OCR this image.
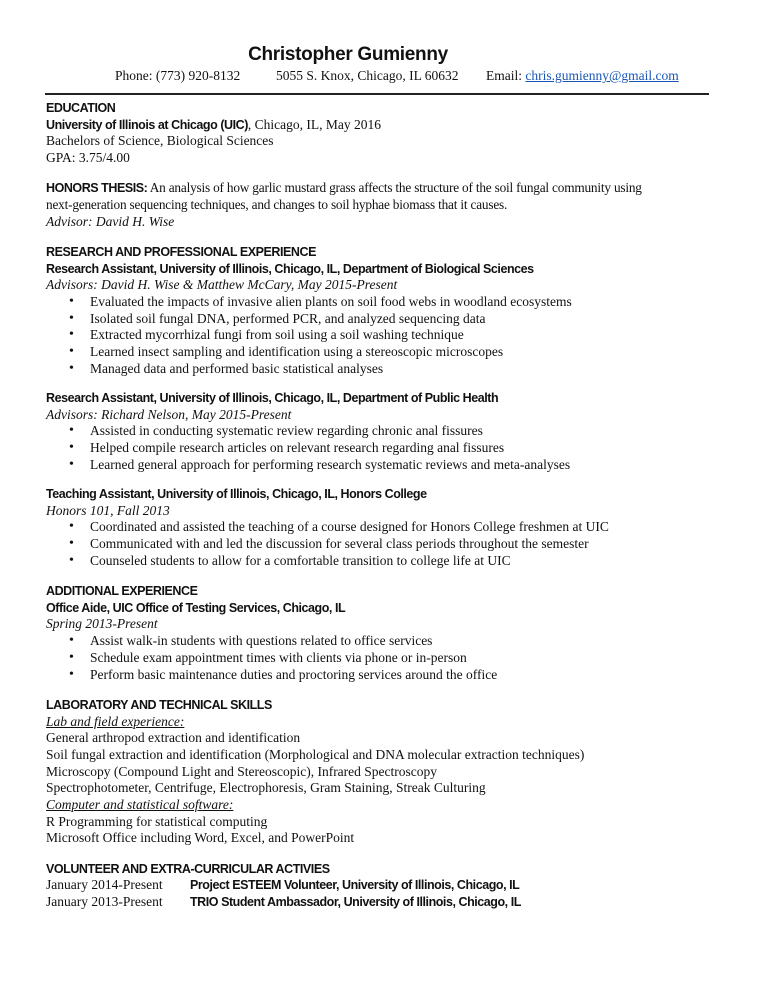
Christopher Gumienny
Phone: (773) 920-8132	5055 S. Knox, Chicago, IL 60632 Email: chris.gumienny@gmail.com
EDUCATION
University of Illinois at Chicago (UIC), Chicago, IL, May 2016
Bachelors of Science, Biological Sciences
GPA: 3.75/4.00
HONORS THESIS: An analysis of how garlic mustard grass affects the structure of the soil fungal community using
next-generation sequencing techniques, and changes to soil hyphae biomass that it causes.
Advisor: David H. Wise
RESEARCH AND PROFESSIONAL EXPERIENCE
Research Assistant, University of Illinois, Chicago, IL, Department of Biological Sciences
Advisors: David H. Wise & Matthew McCary, May 2015-Present
• Evaluated the impacts of invasive alien plants on soil food webs in woodland ecosystems
• Isolated soil fungal DNA, performed PCR, and analyzed sequencing data
• Extracted mycorrhizal fungi from soil using a soil washing technique
• Learned insect sampling and identification using a stereoscopic microscopes
• Managed data and performed basic statistical analyses
Research Assistant, University of Illinois, Chicago, IL, Department of Public Health
Advisors: Richard Nelson, May 2015-Present
• Assisted in conducting systematic review regarding chronic anal fissures
• Helped compile research articles on relevant research regarding anal fissures
• Learned general approach for performing research systematic reviews and meta-analyses
Teaching Assistant, University of Illinois, Chicago, IL, Honors College
Honors 101, Fall 2013
• Coordinated and assisted the teaching of a course designed for Honors College freshmen at UIC
• Communicated with and led the discussion for several class periods throughout the semester
• Counseled students to allow for a comfortable transition to college life at UIC
ADDITIONAL EXPERIENCE
Office Aide, UIC Office of Testing Services, Chicago, IL
Spring 2013-Present
• Assist walk-in students with questions related to office services
• Schedule exam appointment times with clients via phone or in-person
• Perform basic maintenance duties and proctoring services around the office
LABORATORY AND TECHNICAL SKILLS
Lab and field experience:
General arthropod extraction and identification
Soil fungal extraction and identification (Morphological and DNA molecular extraction techniques)
Microscopy (Compound Light and Stereoscopic), Infrared Spectroscopy
Spectrophotometer, Centrifuge, Electrophoresis, Gram Staining, Streak Culturing
Computer and statistical software:
R Programming for statistical computing
Microsoft Office including Word, Excel, and PowerPoint
VOLUNTEER AND EXTRA-CURRICULAR ACTIVIES
January 2014-Present Project ESTEEM Volunteer, University of Illinois, Chicago, IL
January 2013-Present TRIO Student Ambassador, University of Illinois, Chicago, IL
